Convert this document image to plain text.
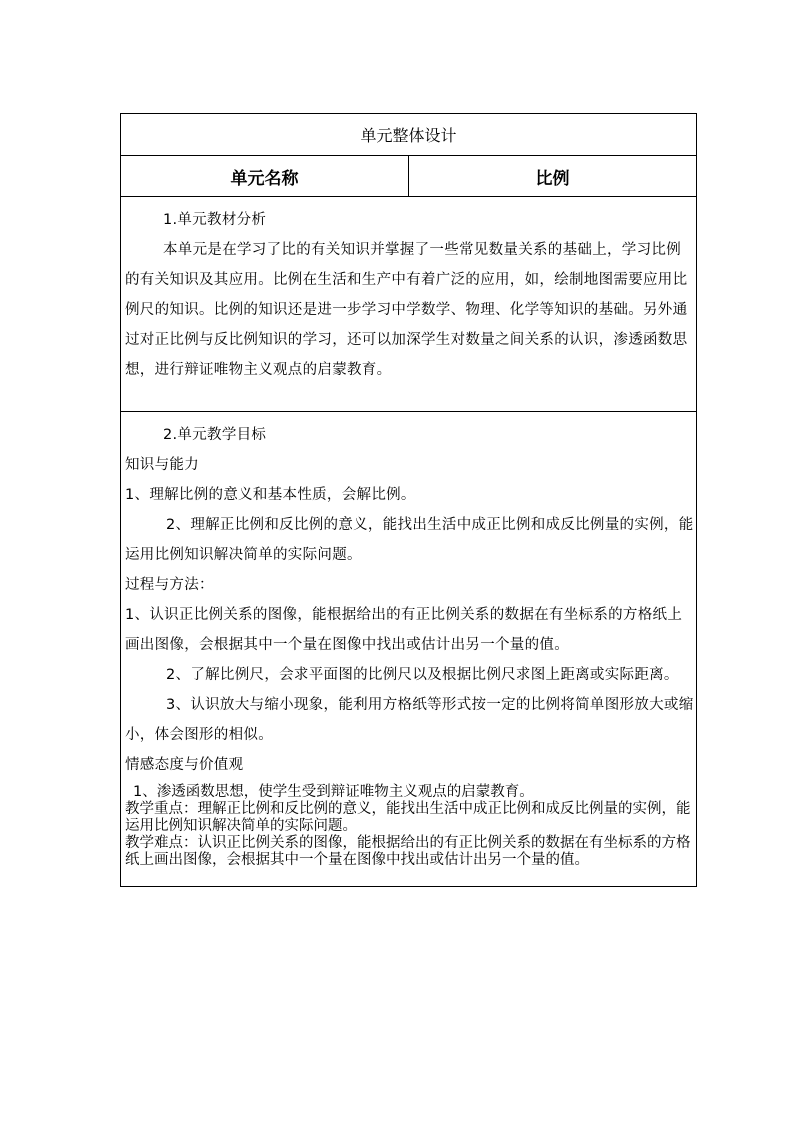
单元整体设计
单元名称	比例

1.单元教材分析

本单元是在学习了比的有关知识并掌握了一些常见数量关系的基础上，学习比例的有关知识及其应用。比例在生活和生产中有着广泛的应用，如，绘制地图需要应用比例尺的知识。比例的知识还是进一步学习中学数学、物理、化学等知识的基础。另外通过对正比例与反比例知识的学习，还可以加深学生对数量之间关系的认识，渗透函数思想，进行辩证唯物主义观点的启蒙教育。

2.单元教学目标

知识与能力

1、理解比例的意义和基本性质，会解比例。

2、理解正比例和反比例的意义，能找出生活中成正比例和成反比例量的实例，能运用比例知识解决简单的实际问题。

过程与方法：

1、认识正比例关系的图像，能根据给出的有正比例关系的数据在有坐标系的方格纸上画出图像，会根据其中一个量在图像中找出或估计出另一个量的值。

2、了解比例尺，会求平面图的比例尺以及根据比例尺求图上距离或实际距离。

3、认识放大与缩小现象，能利用方格纸等形式按一定的比例将简单图形放大或缩小，体会图形的相似。

情感态度与价值观

1、渗透函数思想，使学生受到辩证唯物主义观点的启蒙教育。

教学重点：理解正比例和反比例的意义，能找出生活中成正比例和成反比例量的实例，能运用比例知识解决简单的实际问题。

教学难点：认识正比例关系的图像，能根据给出的有正比例关系的数据在有坐标系的方格纸上画出图像，会根据其中一个量在图像中找出或估计出另一个量的值。
